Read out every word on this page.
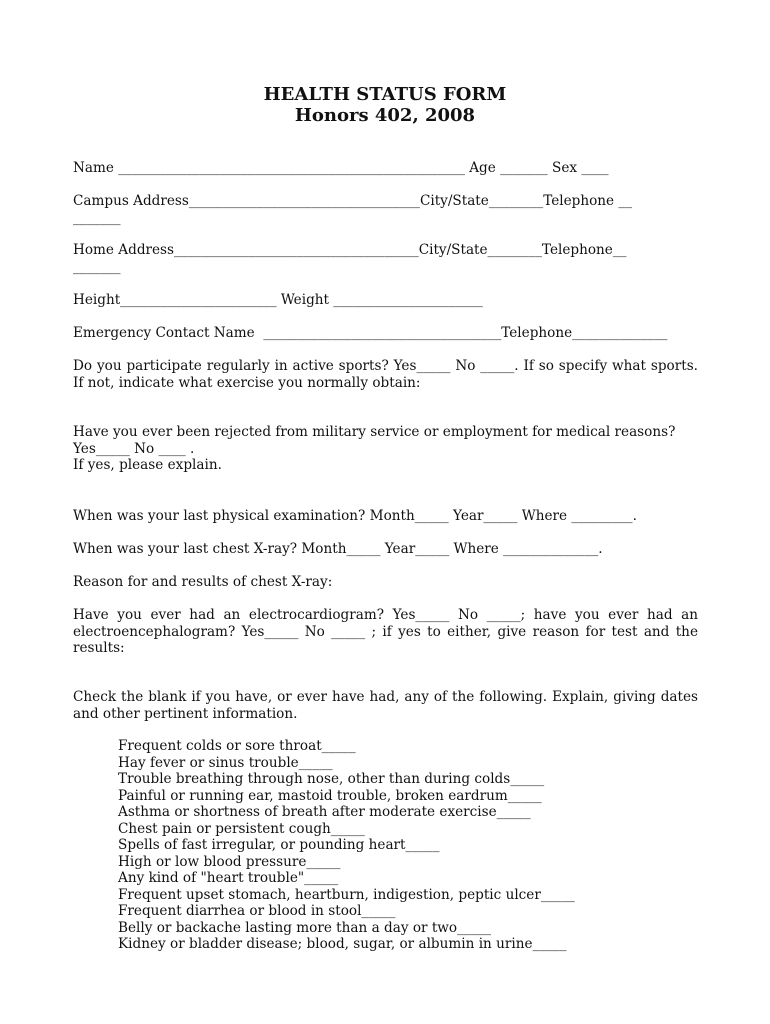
HEALTH STATUS FORM
Honors 402, 2008
Name ___________________________________________________ Age _______ Sex ____
Campus Address__________________________________City/State________Telephone __
_______
Home Address____________________________________City/State________Telephone__
_______
Height_______________________ Weight ______________________
Emergency Contact Name  ___________________________________Telephone______________
Do you participate regularly in active sports? Yes_____ No _____. If so specify what sports. If not, indicate what exercise you normally obtain:
Have you ever been rejected from military service or employment for medical reasons?
Yes_____ No ____ .
If yes, please explain.
When was your last physical examination? Month_____ Year_____ Where _________.
When was your last chest X-ray? Month_____ Year_____ Where ______________.
Reason for and results of chest X-ray:
Have you ever had an electrocardiogram? Yes_____ No _____; have you ever had an electroencephalogram? Yes_____ No _____ ; if yes to either, give reason for test and the results:
Check the blank if you have, or ever have had, any of the following. Explain, giving dates and other pertinent information.
Frequent colds or sore throat_____
Hay fever or sinus trouble_____
Trouble breathing through nose, other than during colds_____
Painful or running ear, mastoid trouble, broken eardrum_____
Asthma or shortness of breath after moderate exercise_____
Chest pain or persistent cough_____
Spells of fast irregular, or pounding heart_____
High or low blood pressure_____
Any kind of "heart trouble"_____
Frequent upset stomach, heartburn, indigestion, peptic ulcer_____
Frequent diarrhea or blood in stool_____
Belly or backache lasting more than a day or two_____
Kidney or bladder disease; blood, sugar, or albumin in urine_____
